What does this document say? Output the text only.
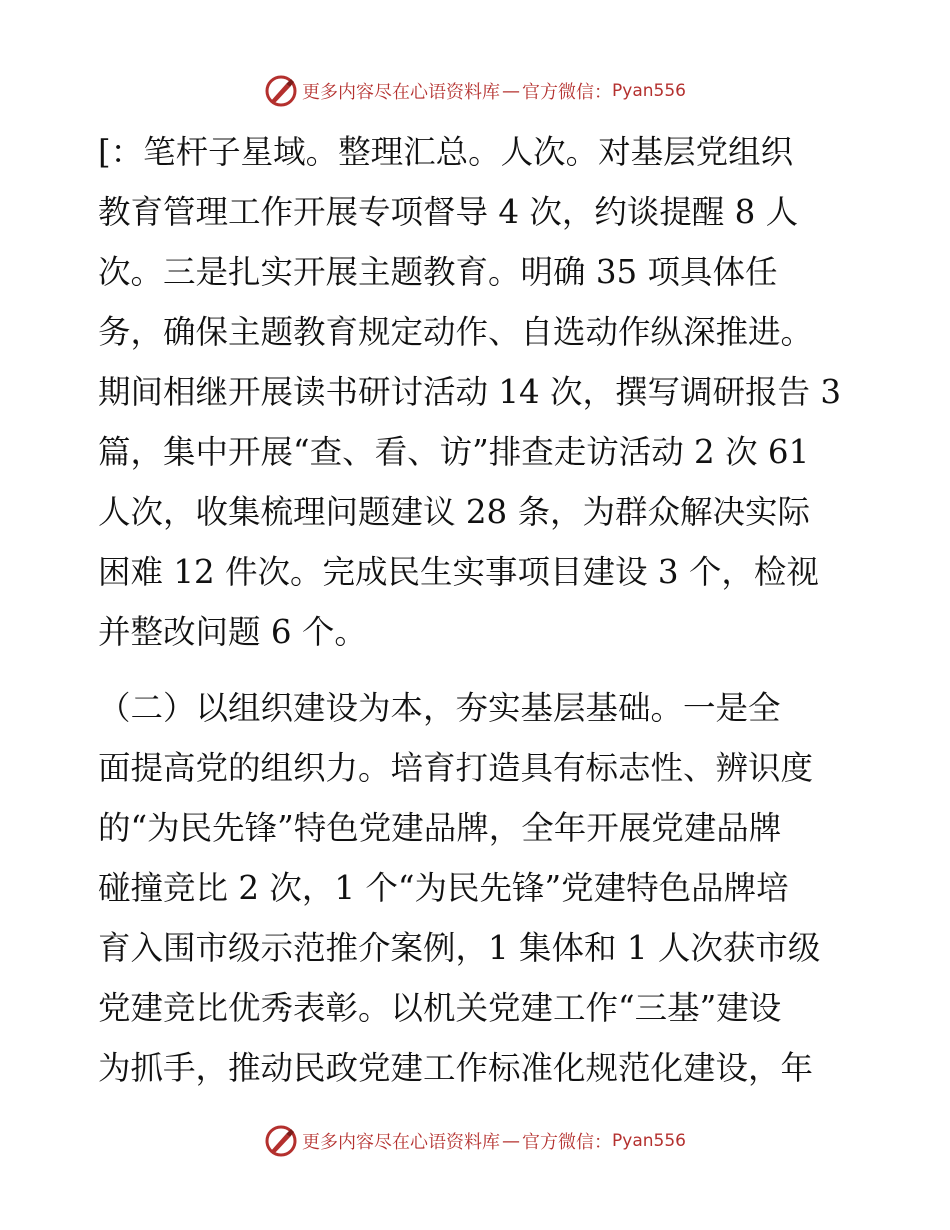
更多内容尽在心语资料库 — 官方微信： Pyan556
[：笔杆子星域。整理汇总。人次。对基层党组织
教育管理工作开展专项督导 4 次，约谈提醒 8 人
次。三是扎实开展主题教育。明确 35 项具体任
务，确保主题教育规定动作、自选动作纵深推进。
期间相继开展读书研讨活动 14 次，撰写调研报告 3
篇，集中开展“查、看、访”排查走访活动 2 次 61
人次，收集梳理问题建议 28 条，为群众解决实际
困难 12 件次。完成民生实事项目建设 3 个，检视
并整改问题 6 个。
（二）以组织建设为本，夯实基层基础。一是全
面提高党的组织力。培育打造具有标志性、辨识度
的“为民先锋”特色党建品牌，全年开展党建品牌
碰撞竞比 2 次，1 个“为民先锋”党建特色品牌培
育入围市级示范推介案例，1 集体和 1 人次获市级
党建竞比优秀表彰。以机关党建工作“三基”建设
为抓手，推动民政党建工作标准化规范化建设，年
更多内容尽在心语资料库 — 官方微信： Pyan556
